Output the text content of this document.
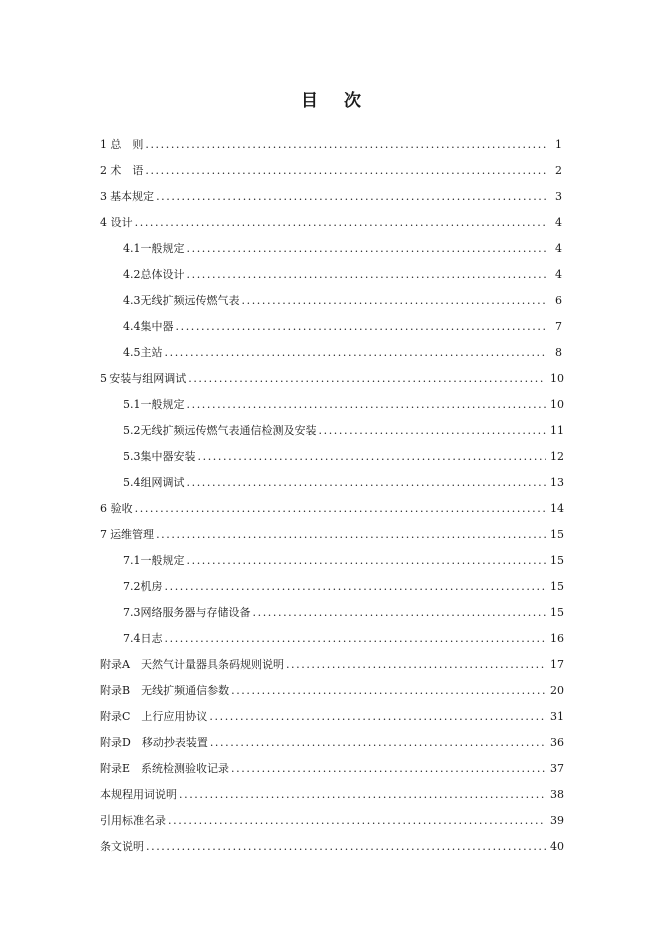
目 次
1 总　则 .....	1
2 术　语 .....	2
3 基本规定 .....	3
4 设计 .....	4
4.1 一般规定 .....	4
4.2 总体设计 .....	4
4.3 无线扩频远传燃气表 .....	6
4.4 集中器 .....	7
4.5 主站 .....	8
5 安装与组网调试 .....	10
5.1 一般规定 .....	10
5.2 无线扩频远传燃气表通信检测及安装 .....	11
5.3 集中器安装 .....	12
5.4 组网调试 .....	13
6 验收 .....	14
7 运维管理 .....	15
7.1 一般规定 .....	15
7.2 机房 .....	15
7.3 网络服务器与存储设备 .....	15
7.4 日志 .....	16
附录A　天然气计量器具条码规则说明 .....	17
附录B　无线扩频通信参数 .....	20
附录C　上行应用协议 .....	31
附录D　移动抄表装置 .....	36
附录E　系统检测验收记录 .....	37
本规程用词说明 .....	38
引用标准名录 .....	39
条文说明 .....	40
